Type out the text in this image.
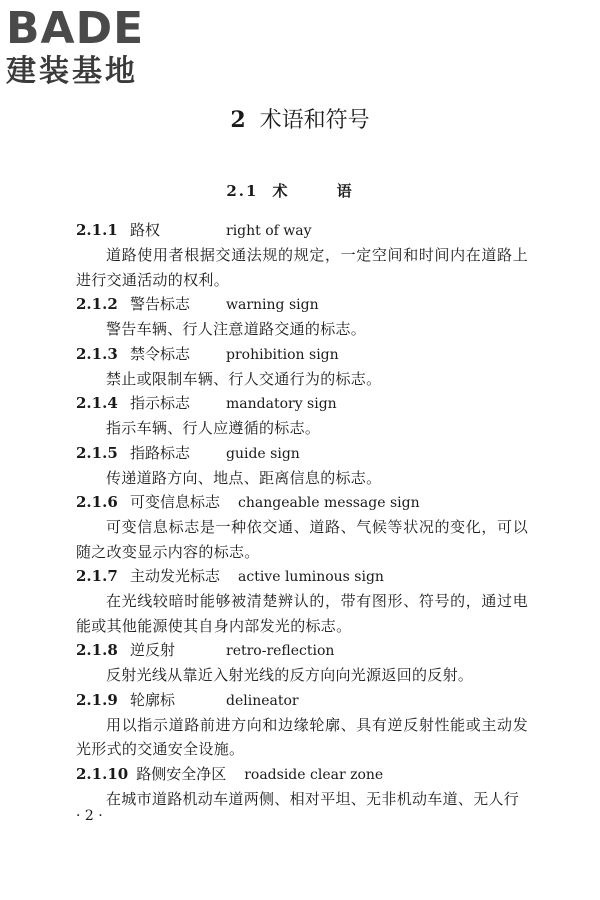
BADE
建装基地
2 术语和符号
2.1 术 语
2.1.1 路权	right of way

道路使用者根据交通法规的规定，一定空间和时间内在道路上进行交通活动的权利。

2.1.2 警告标志	warning sign

警告车辆、行人注意道路交通的标志。

2.1.3 禁令标志	prohibition sign

禁止或限制车辆、行人交通行为的标志。

2.1.4 指示标志	mandatory sign

指示车辆、行人应遵循的标志。

2.1.5 指路标志	guide sign

传递道路方向、地点、距离信息的标志。

2.1.6 可变信息标志 changeable message sign

可变信息标志是一种依交通、道路、气候等状况的变化，可以随之改变显示内容的标志。

2.1.7 主动发光标志 active luminous sign

在光线较暗时能够被清楚辨认的，带有图形、符号的，通过电能或其他能源使其自身内部发光的标志。

2.1.8 逆反射	retro-reflection

反射光线从靠近入射光线的反方向向光源返回的反射。

2.1.9 轮廓标	delineator

用以指示道路前进方向和边缘轮廓、具有逆反射性能或主动发光形式的交通安全设施。

2.1.10 路侧安全净区 roadside clear zone

在城市道路机动车道两侧、相对平坦、无非机动车道、无人行

· 2 ·
